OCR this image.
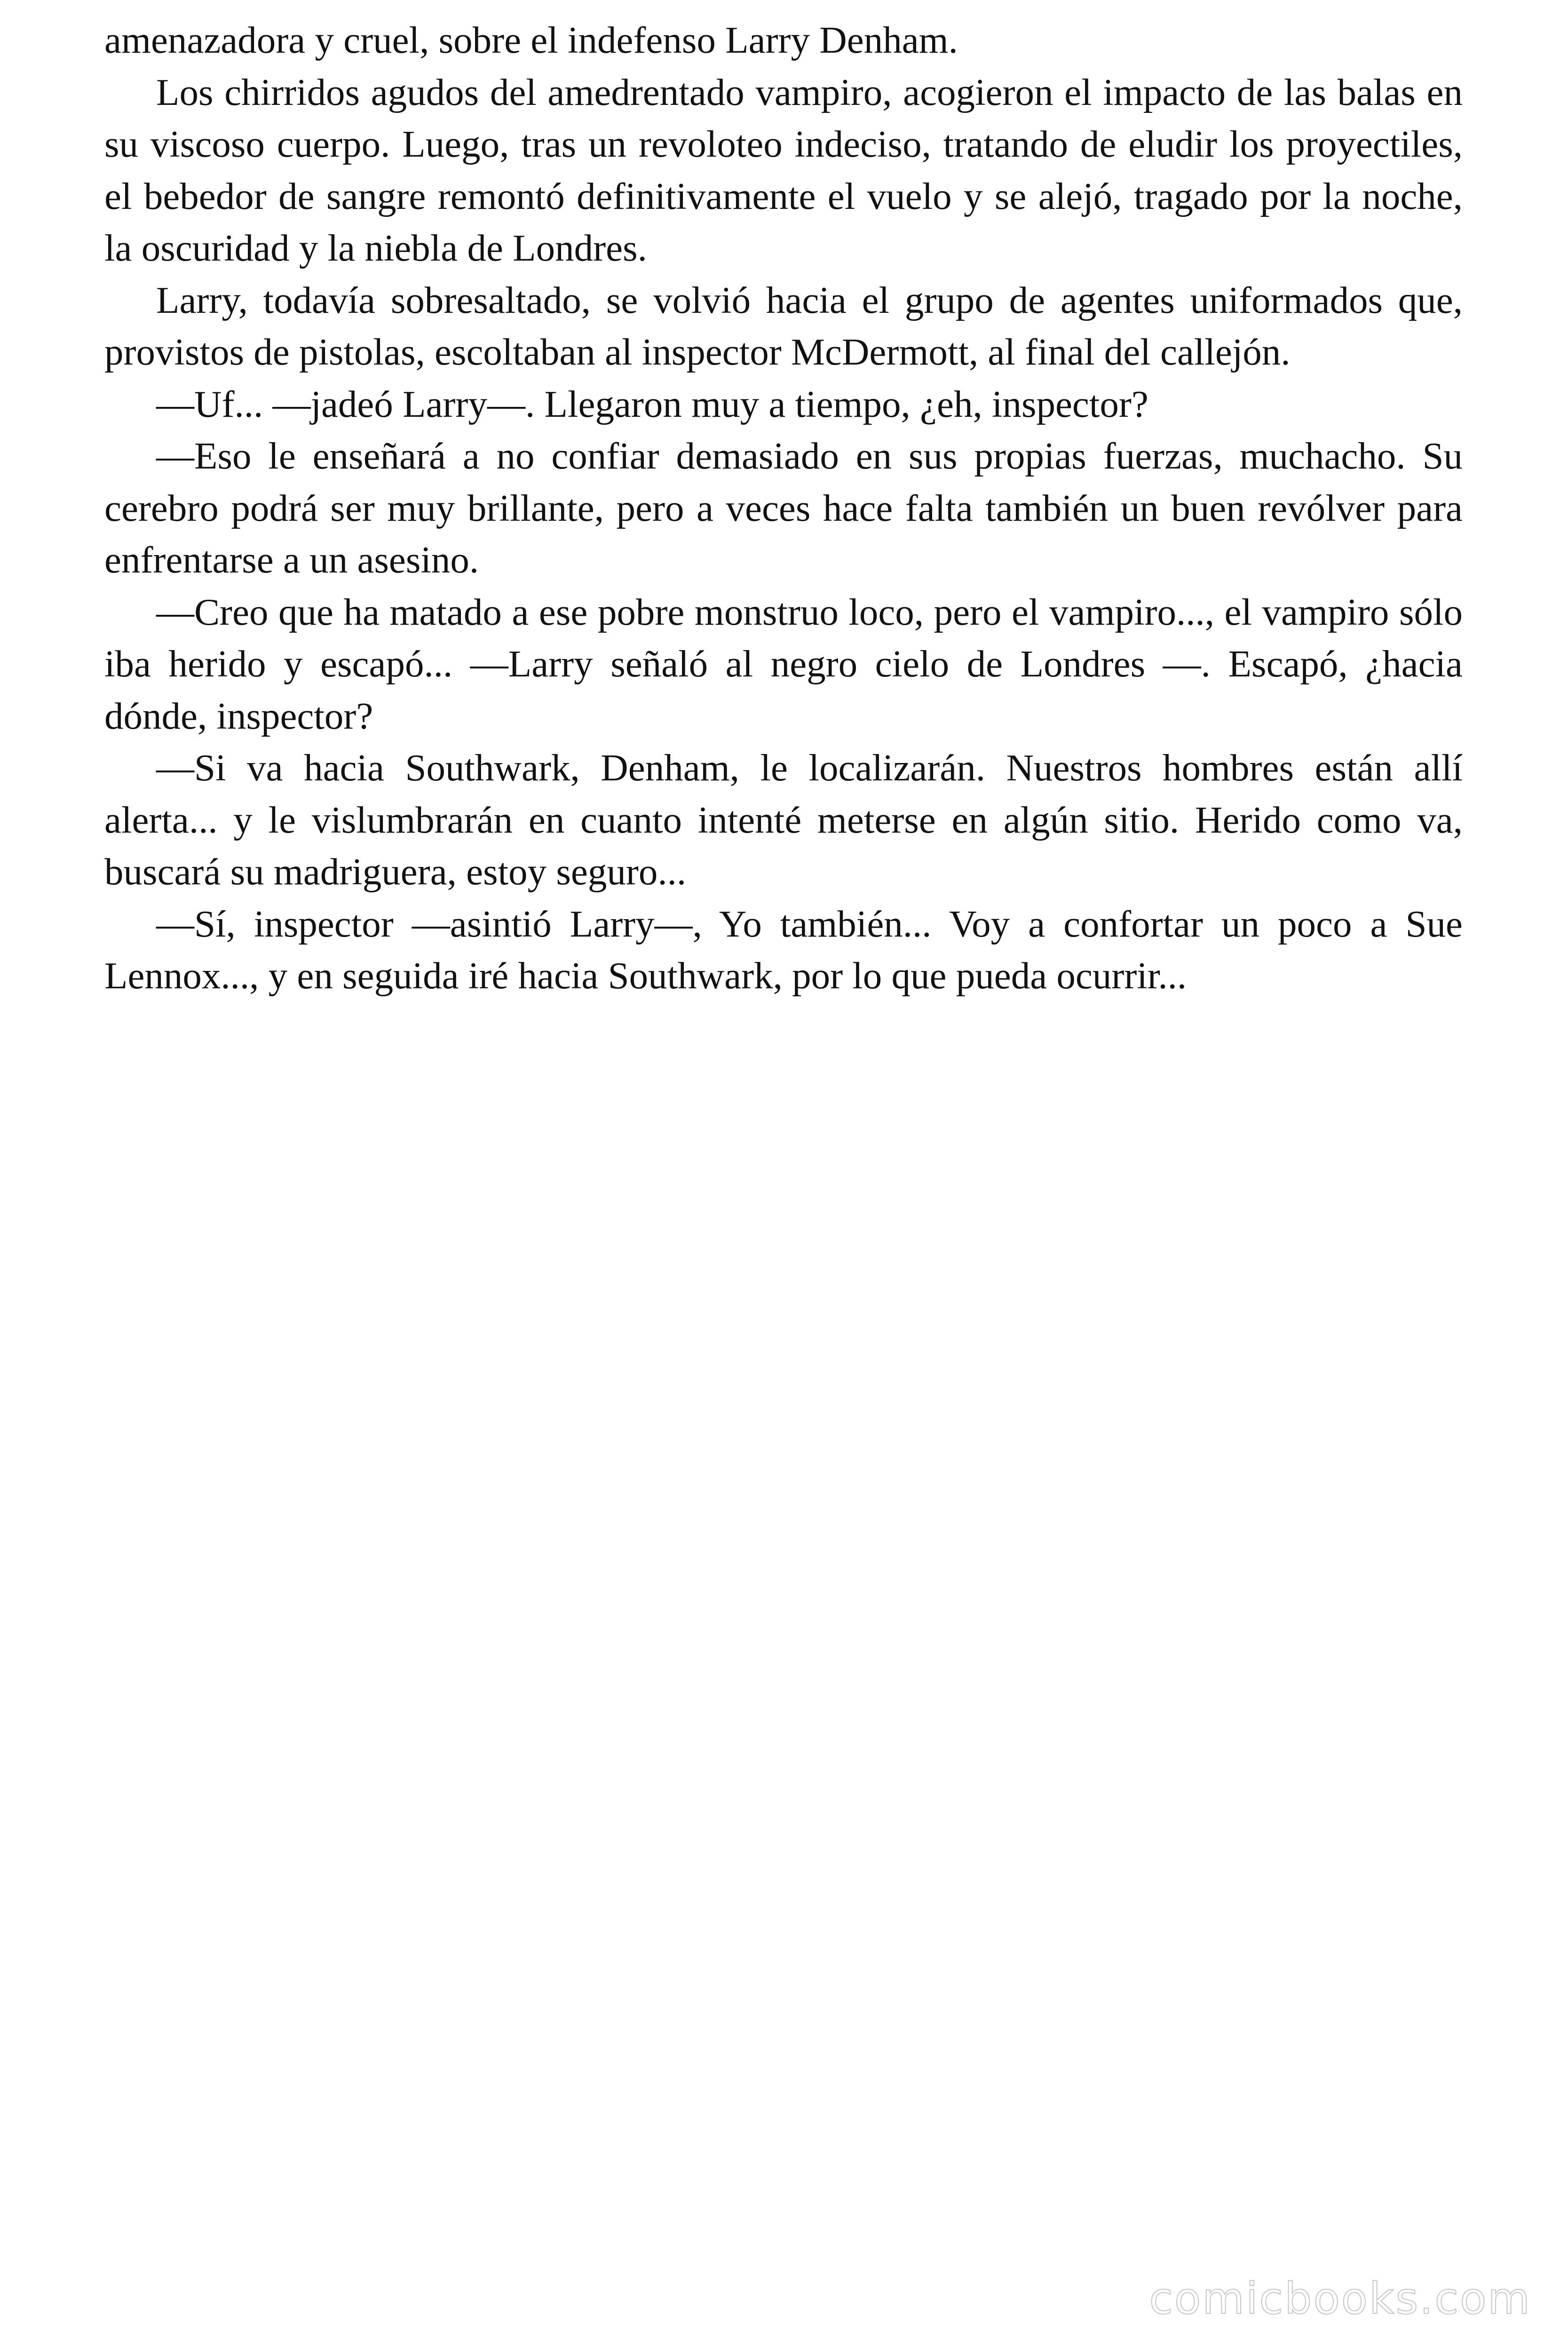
amenazadora y cruel, sobre el indefenso Larry Denham.

Los chirridos agudos del amedrentado vampiro, acogieron el impacto de las balas en su viscoso cuerpo. Luego, tras un revoloteo indeciso, tratando de eludir los proyectiles, el bebedor de sangre remontó definitivamente el vuelo y se alejó, tragado por la noche, la oscuridad y la niebla de Londres.

Larry, todavía sobresaltado, se volvió hacia el grupo de agentes uniformados que, provistos de pistolas, escoltaban al inspector McDermott, al final del callejón.

—Uf... —jadeó Larry—. Llegaron muy a tiempo, ¿eh, inspector?

—Eso le enseñará a no confiar demasiado en sus propias fuerzas, muchacho. Su cerebro podrá ser muy brillante, pero a veces hace falta también un buen revólver para enfrentarse a un asesino.

—Creo que ha matado a ese pobre monstruo loco, pero el vampiro..., el vampiro sólo iba herido y escapó... —Larry señaló al negro cielo de Londres —. Escapó, ¿hacia dónde, inspector?

—Si va hacia Southwark, Denham, le localizarán. Nuestros hombres están allí alerta... y le vislumbrarán en cuanto intenté meterse en algún sitio. Herido como va, buscará su madriguera, estoy seguro...

—Sí, inspector —asintió Larry—, Yo también... Voy a confortar un poco a Sue Lennox..., y en seguida iré hacia Southwark, por lo que pueda ocurrir...

comicbooks.com
